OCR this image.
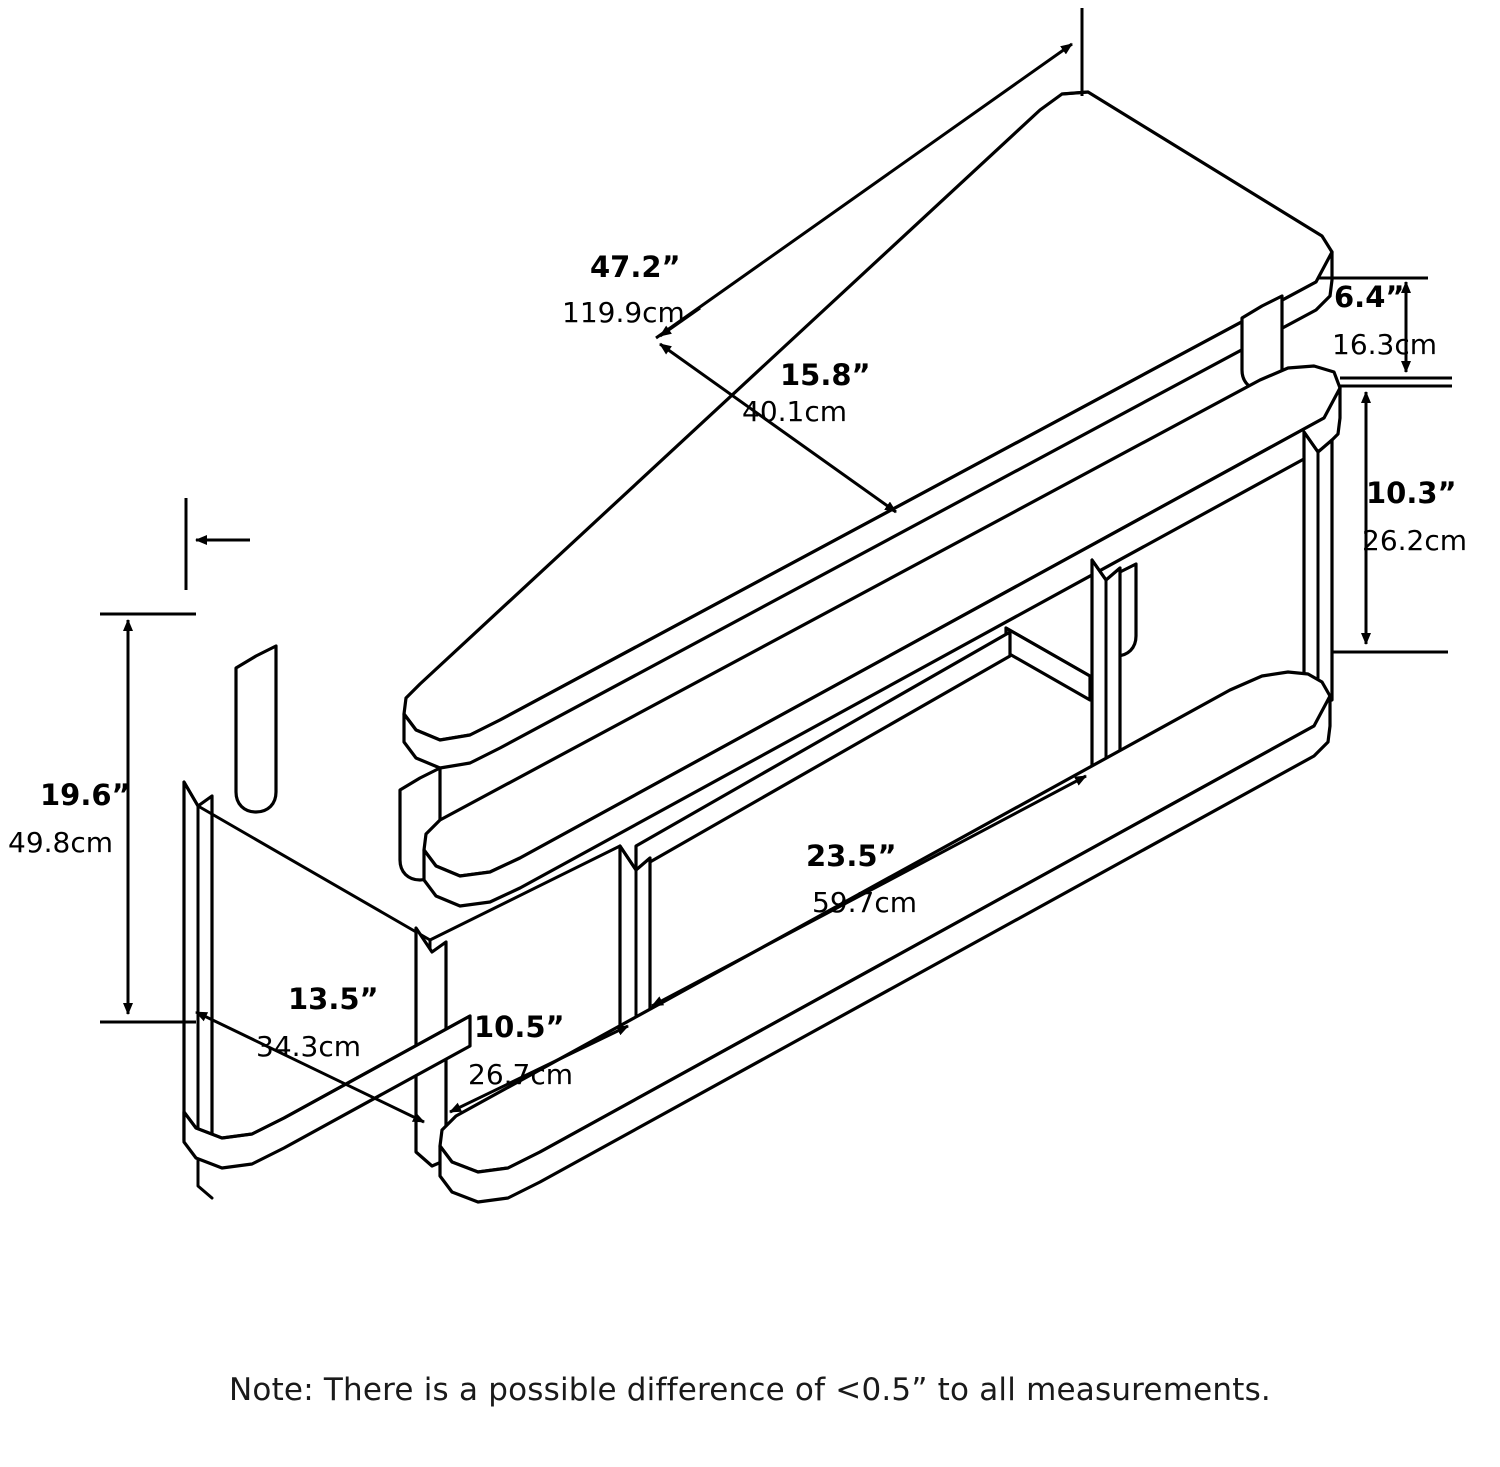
47.2”
119.9cm
15.8”
40.1cm
6.4”
16.3cm
10.3”
26.2cm
19.6”
49.8cm
13.5”
34.3cm
10.5”
26.7cm
23.5”
59.7cm
Note: There is a possible difference of <0.5” to all measurements.
